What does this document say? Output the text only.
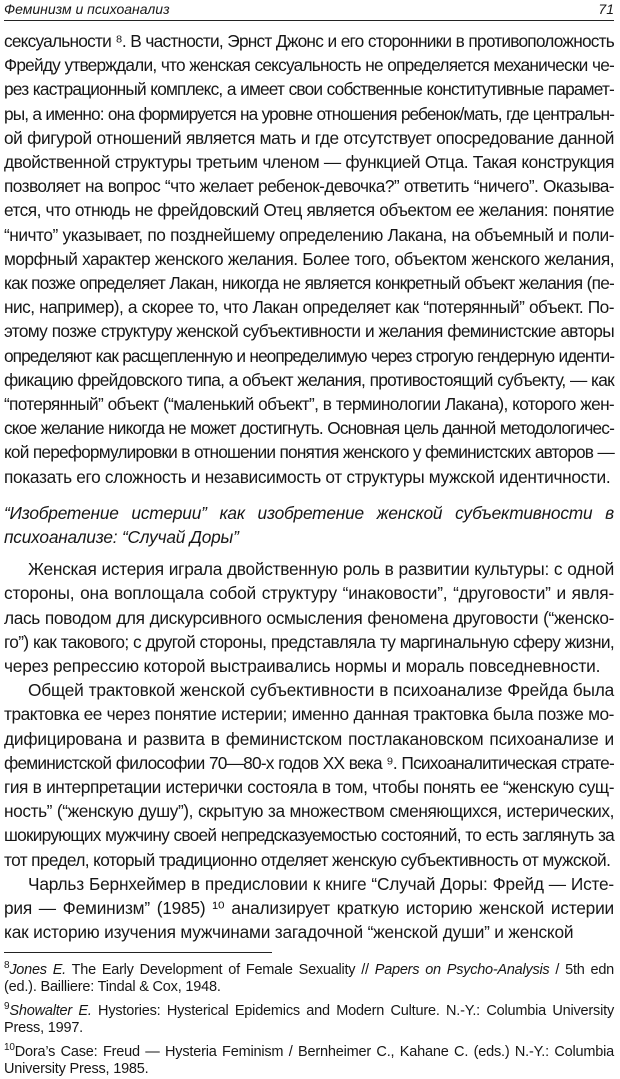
Феминизм и психоанализ	71
сексуальности ⁸. В частности, Эрнст Джонс и его сторонники в противоположность
Фрейду утверждали, что женская сексуальность не определяется механически че-
рез кастрационный комплекс, а имеет свои собственные конститутивные парамет-
ры, а именно: она формируется на уровне отношения ребенок/мать, где центральн-
ой фигурой отношений является мать и где отсутствует опосредование данной
двойственной структуры третьим членом — функцией Отца. Такая конструкция
позволяет на вопрос “что желает ребенок-девочка?” ответить “ничего”. Оказыва-
ется, что отнюдь не фрейдовский Отец является объектом ее желания: понятие
“ничто” указывает, по позднейшему определению Лакана, на объемный и поли-
морфный характер женского желания. Более того, объектом женского желания,
как позже определяет Лакан, никогда не является конкретный объект желания (пе-
нис, например), а скорее то, что Лакан определяет как “потерянный” объект. По-
этому позже структуру женской субъективности и желания феминистские авторы
определяют как расщепленную и неопределимую через строгую гендерную иденти-
фикацию фрейдовского типа, а объект желания, противостоящий субъекту, — как
“потерянный” объект (“маленький объект”, в терминологии Лакана), которого жен-
ское желание никогда не может достигнуть. Основная цель данной методологичес-
кой переформулировки в отношении понятия женского у феминистских авторов —
показать его сложность и независимость от структуры мужской идентичности.
“Изобретение истерии” как изобретение женской субъективности в
психоанализе: “Случай Доры”
Женская истерия играла двойственную роль в развитии культуры: с одной
стороны, она воплощала собой структуру “инаковости”, “друговости” и явля-
лась поводом для дискурсивного осмысления феномена друговости (“женско-
го”) как такового; с другой стороны, представляла ту маргинальную сферу жизни,
через репрессию которой выстраивались нормы и мораль повседневности.
Общей трактовкой женской субъективности в психоанализе Фрейда была
трактовка ее через понятие истерии; именно данная трактовка была позже мо-
дифицирована и развита в феминистском постлакановском психоанализе и
феминистской философии 70—80-х годов XX века ⁹. Психоаналитическая страте-
гия в интерпретации истерички состояла в том, чтобы понять ее “женскую сущ-
ность” (“женскую душу”), скрытую за множеством сменяющихся, истерических,
шокирующих мужчину своей непредсказуемостью состояний, то есть заглянуть за
тот предел, который традиционно отделяет женскую субъективность от мужской.
Чарльз Бернхеймер в предисловии к книге “Случай Доры: Фрейд — Исте-
рия — Феминизм” (1985) ¹⁰ анализирует краткую историю женской истерии
как историю изучения мужчинами загадочной “женской души” и женской
$^8$Jones E. The Early Development of Female Sexuality // Papers on Psycho-Analysis / 5th edn
(ed.). Bailliere: Tindal & Cox, 1948.
$^9$Showalter E. Hystories: Hysterical Epidemics and Modern Culture. N.-Y.: Columbia University
Press, 1997.
$^{10}$Dora’s Case: Freud — Hysteria Feminism / Bernheimer C., Kahane C. (eds.) N.-Y.: Columbia
University Press, 1985.
